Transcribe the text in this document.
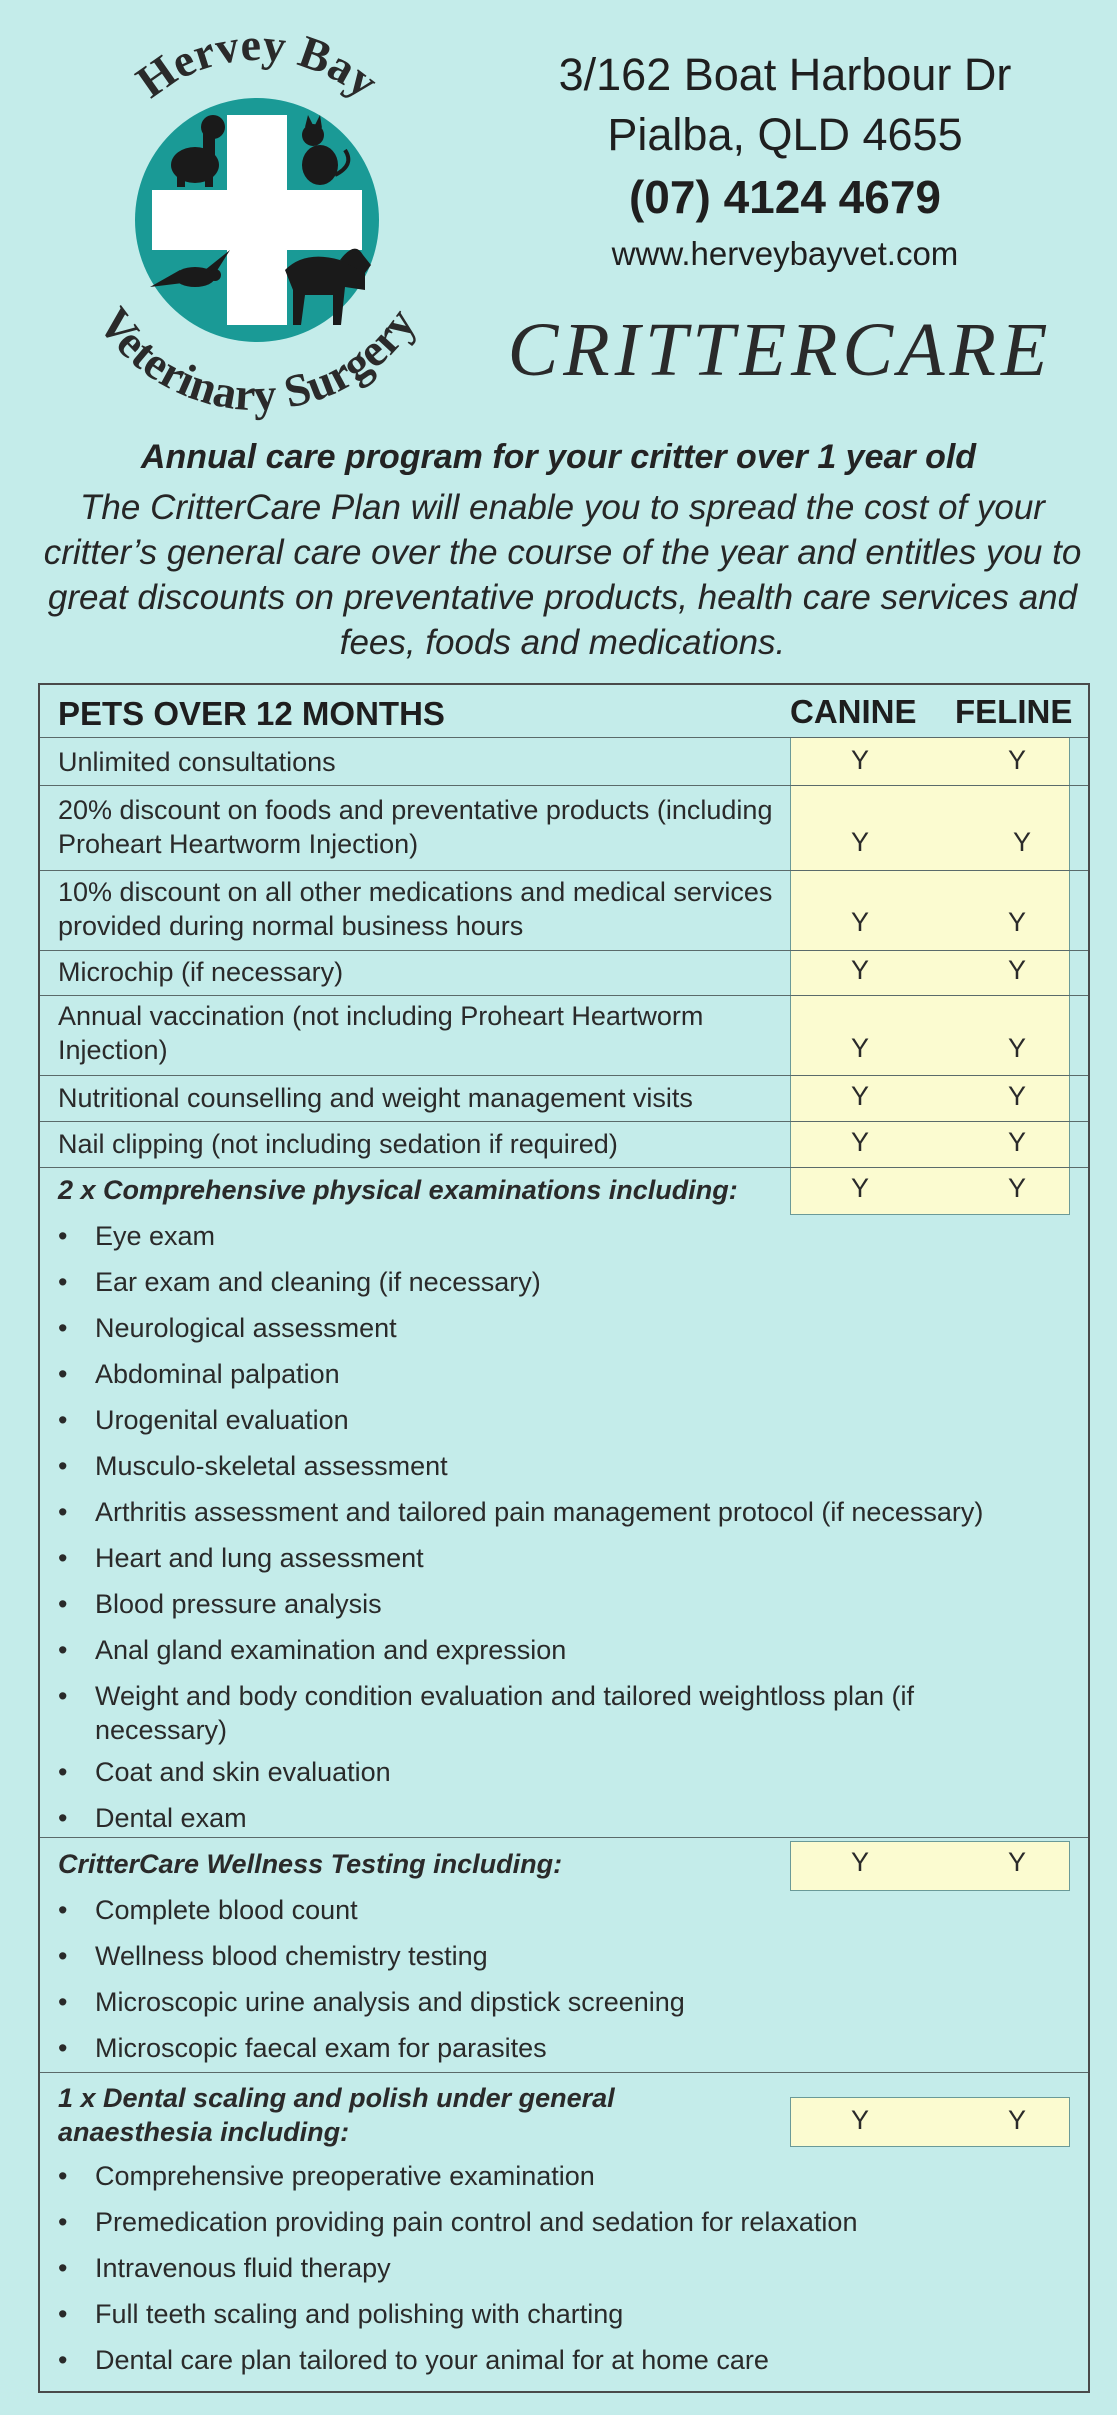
Hervey Bay
Veterinary Surgery
3/162 Boat Harbour Dr
Pialba, QLD 4655
(07) 4124 4679
www.herveybayvet.com
CRITTERCARE
Annual care program for your critter over 1 year old
The CritterCare Plan will enable you to spread the cost of your critter’s general care over the course of the year and entitles you to great discounts on preventative products, health care services and fees, foods and medications.
PETS OVER 12 MONTHS	CANINE FELINE
Unlimited consultations	Y	Y
20% discount on foods and preventative products (including Proheart Heartworm Injection)	Y	Y
10% discount on all other medications and medical services provided during normal business hours	Y	Y
Microchip (if necessary)	Y	Y
Annual vaccination (not including Proheart Heartworm Injection)	Y	Y
Nutritional counselling and weight management visits	Y	Y
Nail clipping (not including sedation if required)	Y	Y
2 x Comprehensive physical examinations including:	Y	Y
•	Eye exam
•	Ear exam and cleaning (if necessary)
•	Neurological assessment
•	Abdominal palpation
•	Urogenital evaluation
•	Musculo-skeletal assessment
•	Arthritis assessment and tailored pain management protocol (if necessary)
•	Heart and lung assessment
•	Blood pressure analysis
•	Anal gland examination and expression
•	Weight and body condition evaluation and tailored weightloss plan (if necessary)
•	Coat and skin evaluation
•	Dental exam
CritterCare Wellness Testing including:	Y	Y
•	Complete blood count
•	Wellness blood chemistry testing
•	Microscopic urine analysis and dipstick screening
•	Microscopic faecal exam for parasites
1 x Dental scaling and polish under general anaesthesia including:	Y	Y
•	Comprehensive preoperative examination
•	Premedication providing pain control and sedation for relaxation
•	Intravenous fluid therapy
•	Full teeth scaling and polishing with charting
•	Dental care plan tailored to your animal for at home care
